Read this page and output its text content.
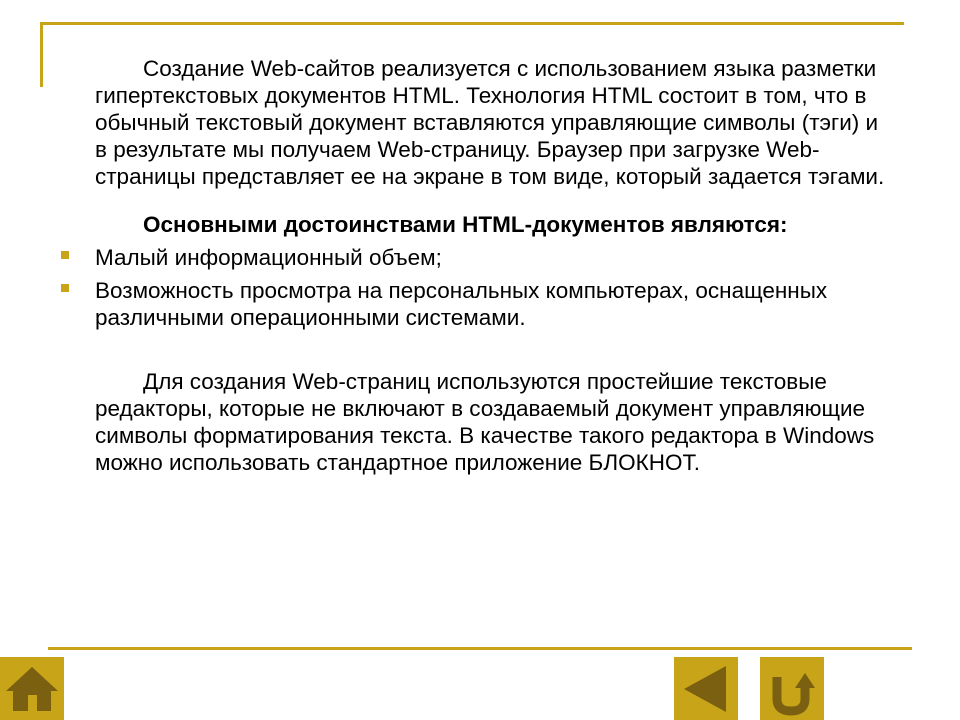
Создание Web-сайтов реализуется с использованием языка разметки гипертекстовых документов HTML. Технология HTML состоит в том, что в обычный текстовый документ вставляются управляющие символы (тэги) и в результате мы получаем Web-страницу. Браузер при загрузке Web-страницы представляет ее на экране в том виде, который задается тэгами.

Основными достоинствами HTML-документов являются:

Малый информационный объем;
Возможность просмотра на персональных компьютерах, оснащенных различными операционными системами.

Для создания Web-страниц используются простейшие текстовые редакторы, которые не включают в создаваемый документ управляющие символы форматирования текста. В качестве такого редактора в Windows можно использовать стандартное приложение БЛОКНОТ.
